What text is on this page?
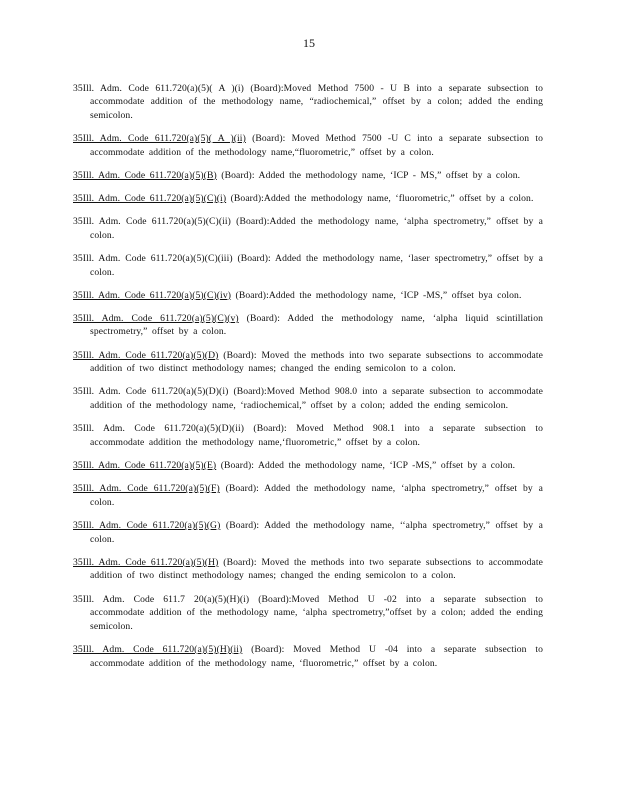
15

35Ill. Adm. Code 611.720(a)(5)( A )(i) (Board):Moved Method 7500 - U B into a separate subsection to accommodate addition of the methodology name, “radiochemical,” offset by a colon; added the ending semicolon.

35Ill. Adm. Code 611.720(a)(5)( A )(ii) (Board): Moved Method 7500 -U C into a separate subsection to accommodate addition of the methodology name,“fluorometric,” offset by a colon.

35Ill. Adm. Code 611.720(a)(5)(B) (Board): Added the methodology name, ‘ICP - MS,” offset by a colon.

35Ill. Adm. Code 611.720(a)(5)(C)(i) (Board):Added the methodology name, ‘fluorometric,” offset by a colon.

35Ill. Adm. Code 611.720(a)(5)(C)(ii) (Board):Added the methodology name, ‘alpha spectrometry,” offset by a colon.

35Ill. Adm. Code 611.720(a)(5)(C)(iii) (Board): Added the methodology name, ‘laser spectrometry,” offset by a colon.

35Ill. Adm. Code 611.720(a)(5)(C)(iv) (Board):Added the methodology name, ‘ICP -MS,” offset bya colon.

35Ill. Adm. Code 611.720(a)(5)(C)(v) (Board): Added the methodology name, ‘alpha liquid scintillation spectrometry,” offset by a colon.

35Ill. Adm. Code 611.720(a)(5)(D) (Board): Moved the methods into two separate subsections to accommodate addition of two distinct methodology names; changed the ending semicolon to a colon.

35Ill. Adm. Code 611.720(a)(5)(D)(i) (Board):Moved Method 908.0 into a separate subsection to accommodate addition of the methodology name, ‘radiochemical,” offset by a colon; added the ending semicolon.

35Ill. Adm. Code 611.720(a)(5)(D)(ii) (Board): Moved Method 908.1 into a separate subsection to accommodate addition the methodology name,‘fluorometric,” offset by a colon.

35Ill. Adm. Code 611.720(a)(5)(E) (Board): Added the methodology name, ‘ICP -MS,” offset by a colon.

35Ill. Adm. Code 611.720(a)(5)(F) (Board): Added the methodology name, ‘alpha spectrometry,” offset by a colon.

35Ill. Adm. Code 611.720(a)(5)(G) (Board): Added the methodology name, ‘‘alpha spectrometry,” offset by a colon.

35Ill. Adm. Code 611.720(a)(5)(H) (Board): Moved the methods into two separate subsections to accommodate addition of two distinct methodology names; changed the ending semicolon to a colon.

35Ill. Adm. Code 611.7 20(a)(5)(H)(i) (Board):Moved Method U -02 into a separate subsection to accommodate addition of the methodology name, ‘alpha spectrometry,”offset by a colon; added the ending semicolon.

35Ill. Adm. Code 611.720(a)(5)(H)(ii) (Board): Moved Method U -04 into a separate subsection to accommodate addition of the methodology name, ‘fluorometric,” offset by a colon.
